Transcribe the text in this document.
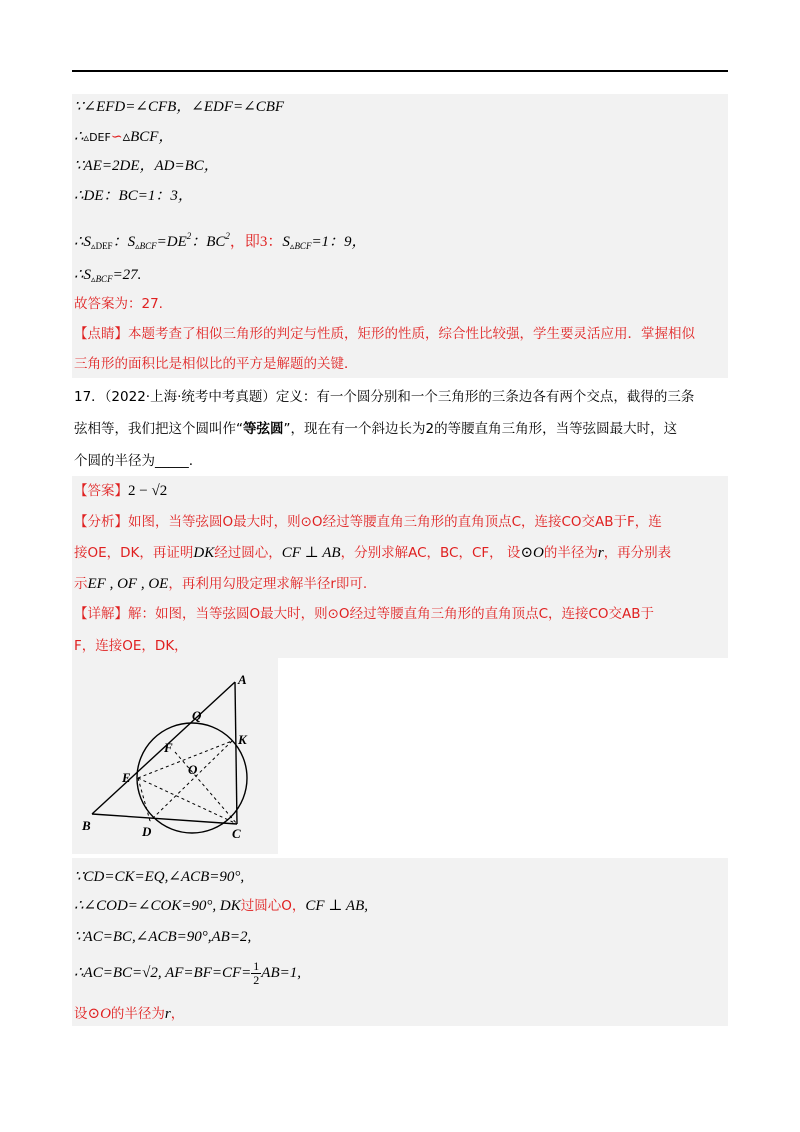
∵∠EFD=∠CFB，∠EDF=∠CBF
∴▵DEF∽▵BCF，
∵AE=2DE，AD=BC，
∴DE：BC=1：3，
$\therefore S_{▵DEF}$：$S_{▵BCF}=DE^2$：$BC^2$，即3：$S_{▵BCF}=1$：9，
$\therefore S_{▵BCF}=27$.
故答案为：27.
【点睛】本题考查了相似三角形的判定与性质，矩形的性质，综合性比较强，学生要灵活应用．掌握相似
三角形的面积比是相似比的平方是解题的关键．
17．（2022·上海·统考中考真题）定义：有一个圆分别和一个三角形的三条边各有两个交点，截得的三条
弦相等，我们把这个圆叫作“等弦圆”，现在有一个斜边长为2的等腰直角三角形，当等弦圆最大时，这
个圆的半径为_____.
【答案】2 − √2
【分析】如图，当等弦圆O最大时，则⊙O经过等腰直角三角形的直角顶点C，连接CO交AB于F，连
接OE，DK，再证明DK经过圆心，CF ⊥ AB，分别求解AC，BC，CF， 设⊙O的半径为r，再分别表
示EF , OF , OE，再利用勾股定理求解半径r即可.
【详解】解：如图，当等弦圆O最大时，则⊙O经过等腰直角三角形的直角顶点C，连接CO交AB于
F，连接OE，DK，
A
Q
K
F
O
E
B	D	C
∵CD=CK=EQ,∠ACB=90°,
∴∠COD=∠COK=90°, DK过圆心O，CF ⊥ AB,
∵AC=BC,∠ACB=90°,AB=2,
∴AC=BC=√2, $AF=BF=CF= \frac{1}{2} AB=1$,
设⊙O的半径为r，
